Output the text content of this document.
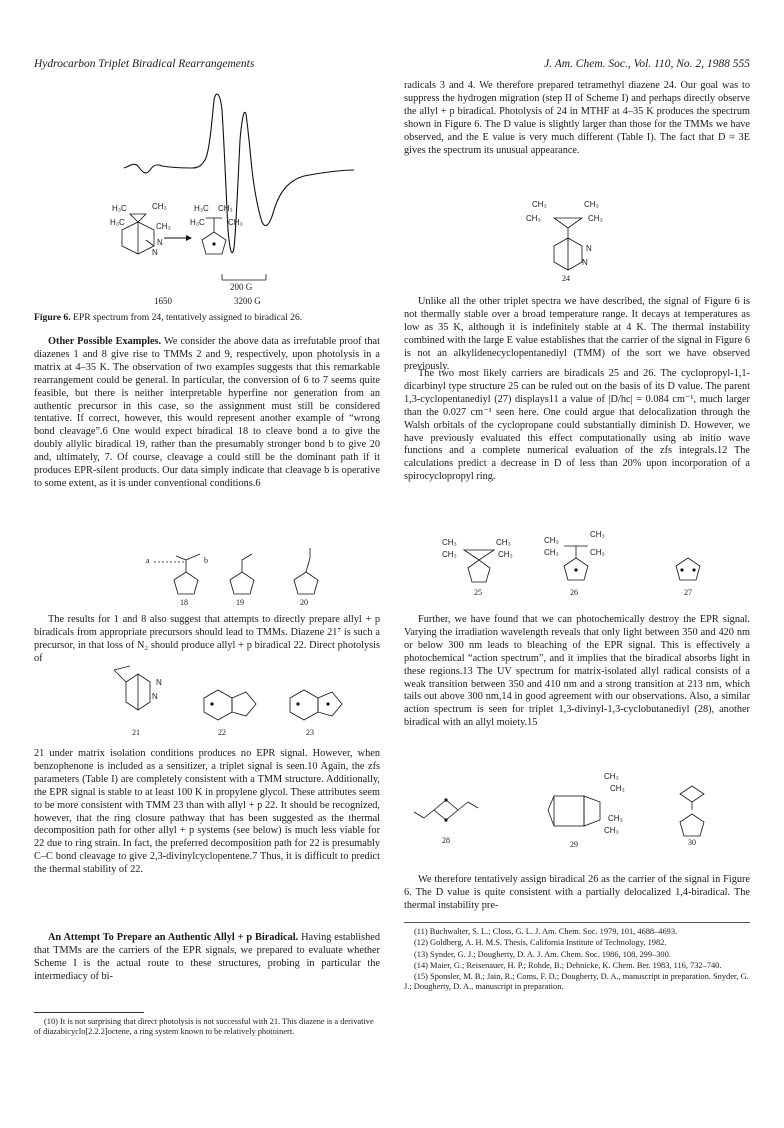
Hydrocarbon Triplet Biradical Rearrangements	J. Am. Chem. Soc., Vol. 110, No. 2, 1988 555
CH₃
H₃C
CH₃
H₃C
N
N
H₃C CH₃
H₃C	CH₃
200 G
1650	3200 G
Figure 6. EPR spectrum from 24, tentatively assigned to biradical 26.

Other Possible Examples. We consider the above data as irrefutable proof that diazenes 1 and 8 give rise to TMMs 2 and 9, respectively, upon photolysis in a matrix at 4–35 K. The observation of two examples suggests that this remarkable rearrangement could be general. In particular, the conversion of 6 to 7 seems quite feasible, but there is neither interpretable hyperfine nor generation from an authentic precursor in this case, so the assignment must still be considered tentative. If correct, however, this would represent another example of “wrong bond cleavage”.6 One would expect biradical 18 to cleave bond a to give the doubly allylic biradical 19, rather than the presumably stronger bond b to give 20 and, ultimately, 7. Of course, cleavage a could still be the dominant path if it produces EPR-silent products. Our data simply indicate that cleavage b is operative to some extent, as it is under conventional conditions.6

18	19	20
a	b

The results for 1 and 8 also suggest that attempts to directly prepare allyl + p biradicals from appropriate precursors should lead to TMMs. Diazene 21⁷ is such a precursor, in that loss of N₂ should produce allyl + p biradical 22. Direct photolysis of

N
N
21	22	23

21 under matrix isolation conditions produces no EPR signal. However, when benzophenone is included as a sensitizer, a triplet signal is seen.10 Again, the zfs parameters (Table I) are completely consistent with a TMM structure. Additionally, the EPR signal is stable to at least 100 K in propylene glycol. These attributes seem to be more consistent with TMM 23 than with allyl + p 22. It should be recognized, however, that the ring closure pathway that has been suggested as the thermal decomposition path for other allyl + p systems (see below) is much less viable for 22 due to ring strain. In fact, the preferred decomposition path for 22 is presumably C–C bond cleavage to give 2,3-divinylcyclopentene.7 Thus, it is difficult to predict the thermal stability of 22.

An Attempt To Prepare an Authentic Allyl + p Biradical. Having established that TMMs are the carriers of the EPR signals, we prepared to evaluate whether Scheme I is the actual route to these structures, probing in particular the intermediacy of bi-

(10) It is not surprising that direct photolysis is not successful with 21. This diazene is a derivative of diazabicyclo[2.2.2]octene, a ring system known to be relatively photoinert.

radicals 3 and 4. We therefore prepared tetramethyl diazene 24. Our goal was to suppress the hydrogen migration (step II of Scheme I) and perhaps directly observe the allyl + p biradical. Photolysis of 24 in MTHF at 4–35 K produces the spectrum shown in Figure 6. The D value is slightly larger than those for the TMMs we have observed, and the E value is very much different (Table I). The fact that D ≈ 3E gives the spectrum its unusual appearance.

CH₃	CH₃
CH₃	CH₃
N
N
24

Unlike all the other triplet spectra we have described, the signal of Figure 6 is not thermally stable over a broad temperature range. It decays at temperatures as low as 35 K, although it is indefinitely stable at 4 K. The thermal instability combined with the large E value establishes that the carrier of the signal in Figure 6 is not an alkylidenecyclopentanediyl (TMM) of the sort we have observed previously.

The two most likely carriers are biradicals 25 and 26. The cyclopropyl-1,1-dicarbinyl type structure 25 can be ruled out on the basis of its D value. The parent 1,3-cyclopentanediyl (27) displays11 a value of |D/hc| = 0.084 cm⁻¹, much larger than the 0.027 cm⁻¹ seen here. One could argue that delocalization through the Walsh orbitals of the cyclopropane could substantially diminish D. However, we have previously evaluated this effect computationally using ab initio wave functions and a complete numerical evaluation of the zfs integrals.12 The calculations predict a decrease in D of less than 20% upon incorporation of a spirocyclopropyl ring.

CH₃	CH₃
CH₃	CH₃
CH₃
CH₃
CH₃	CH₃
25	26	27

Further, we have found that we can photochemically destroy the EPR signal. Varying the irradiation wavelength reveals that only light between 350 and 420 nm or below 300 nm leads to bleaching of the EPR signal. This is effectively a photochemical “action spectrum”, and it implies that the biradical absorbs light in these regions.13 The UV spectrum for matrix-isolated allyl radical consists of a weak transition between 350 and 410 nm and a strong transition at 213 nm, which tails out above 300 nm,14 in good agreement with our observations. Also, a similar action spectrum is seen for triplet 1,3-divinyl-1,3-cyclobutanediyl (28), another biradical with an allyl moiety.15

CH₃
CH₃
CH₃
CH₃
28	29	30

We therefore tentatively assign biradical 26 as the carrier of the signal in Figure 6. The D value is quite consistent with a partially delocalized 1,4-biradical. The thermal instability pre-

(11) Buchwalter, S. L.; Closs, G. L. J. Am. Chem. Soc. 1979, 101, 4688–4693.

(12) Goldberg, A. H. M.S. Thesis, California Institute of Technology, 1982.

(13) Synder, G. J.; Dougherty, D. A. J. Am. Chem. Soc. 1986, 108, 299–300.

(14) Maier, G.; Reisenauer, H. P.; Rohde, B.; Dehnicke, K. Chem. Ber. 1983, 116, 732–740.

(15) Sponsler, M. B.; Jain, R.; Coms, F. D.; Dougherty, D. A., manuscript in preparation. Snyder, G. J.; Dougherty, D. A., manuscript in preparation.
